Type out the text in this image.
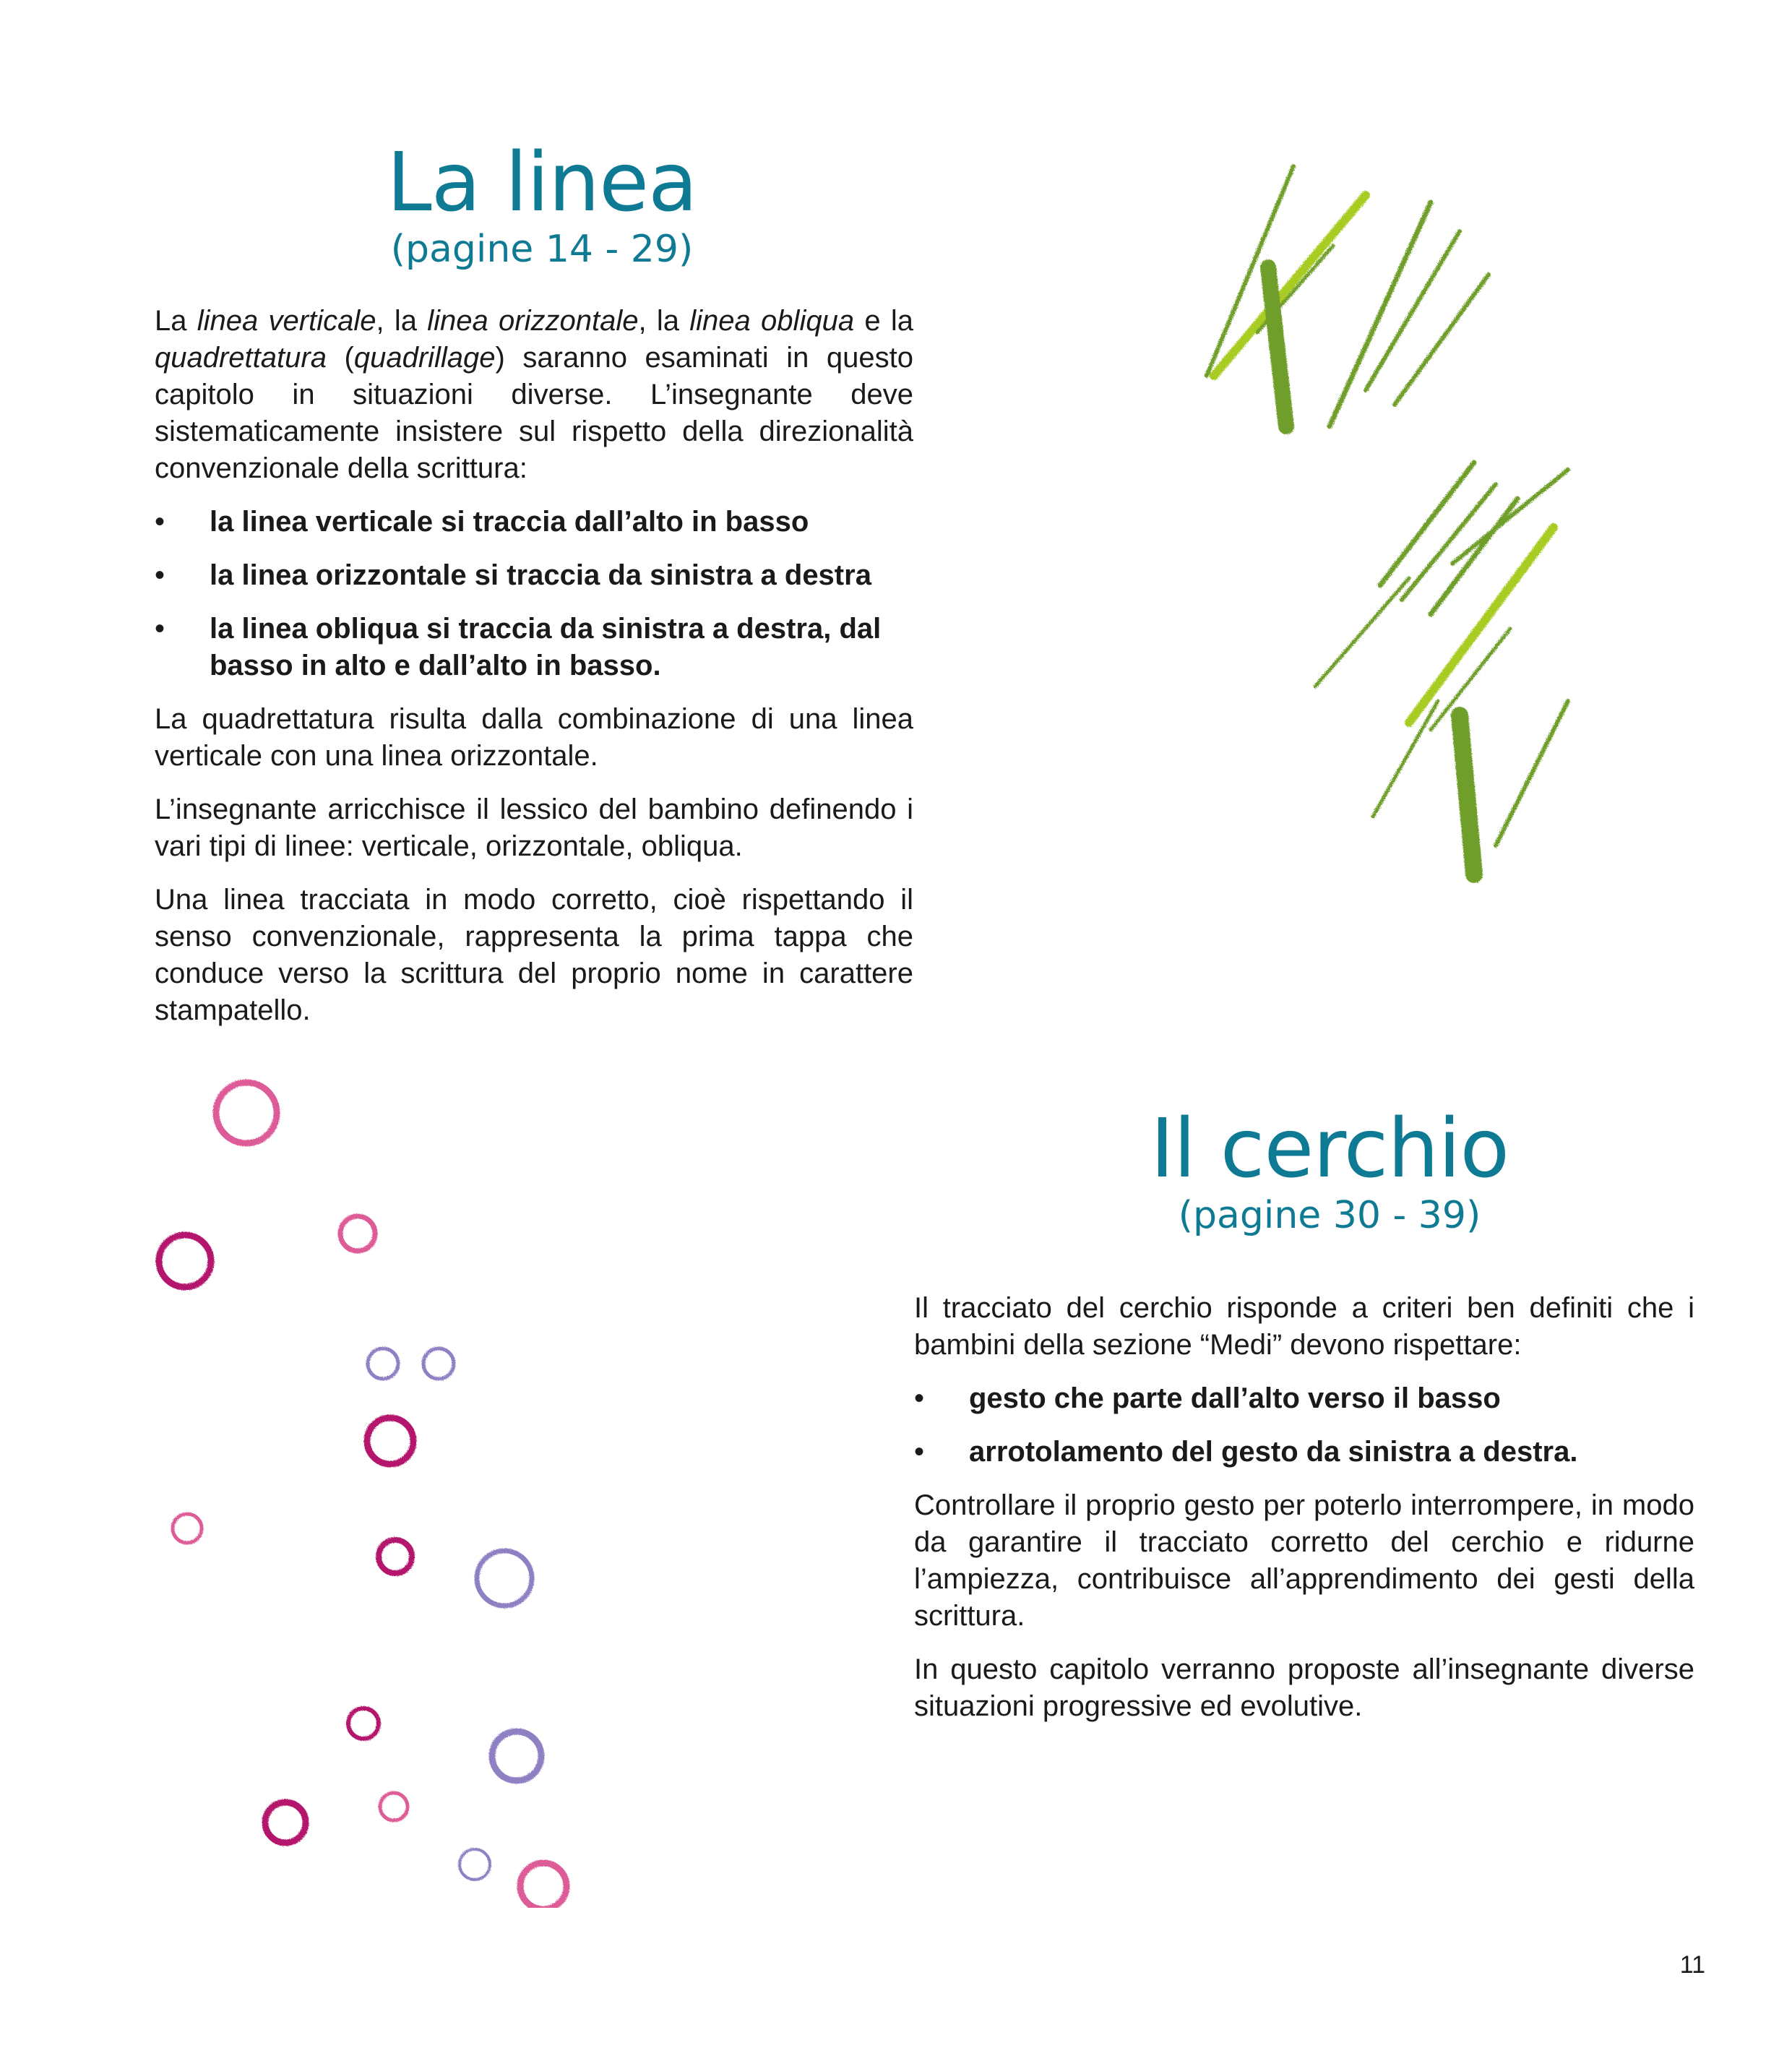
La linea
(pagine 14 - 29)

La linea verticale, la linea orizzontale, la linea obliqua e la quadrettatura (quadrillage) saranno esaminati in questo capitolo in situazioni diverse. L’insegnante deve sistematicamente insistere sul rispetto della direzionalità convenzionale della scrittura:

• la linea verticale si traccia dall’alto in basso
• la linea orizzontale si traccia da sinistra a destra
• la linea obliqua si traccia da sinistra a destra, dal basso in alto e dall’alto in basso.

La quadrettatura risulta dalla combinazione di una linea verticale con una linea orizzontale.

L’insegnante arricchisce il lessico del bambino definendo i vari tipi di linee: verticale, orizzontale, obliqua.

Una linea tracciata in modo corretto, cioè rispettando il senso convenzionale, rappresenta la prima tappa che conduce verso la scrittura del proprio nome in carattere stampatello.

Il cerchio
(pagine 30 - 39)

Il tracciato del cerchio risponde a criteri ben definiti che i bambini della sezione “Medi” devono rispettare:

• gesto che parte dall’alto verso il basso
• arrotolamento del gesto da sinistra a destra.

Controllare il proprio gesto per poterlo interrompere, in modo da garantire il tracciato corretto del cerchio e ridurne l’ampiezza, contribuisce all’apprendimento dei gesti della scrittura.

In questo capitolo verranno proposte all’insegnante diverse situazioni progressive ed evolutive.

11
